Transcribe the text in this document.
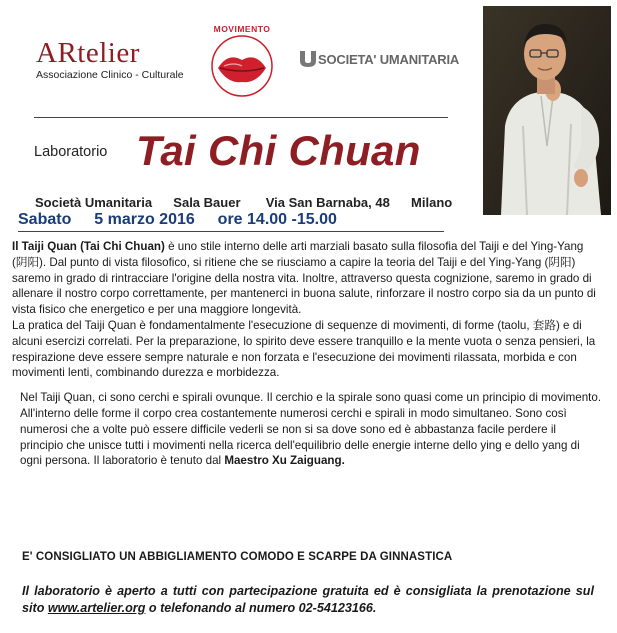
ARtelier
Associazione Clinico - Culturale
MOVIMENTO
SOCIETA' UMANITARIA
Laboratorio Tai Chi Chuan
Società Umanitaria Sala Bauer Via San Barnaba, 48 Milano
Sabato 5 marzo 2016 ore 14.00 -15.00

Il Taiji Quan (Tai Chi Chuan) è uno stile interno delle arti marziali basato sulla filosofia del Taiji e del Ying-Yang (阴阳). Dal punto di vista filosofico, si ritiene che se riusciamo a capire la teoria del Taiji e del Ying-Yang (阴阳) saremo in grado di rintracciare l'origine della nostra vita. Inoltre, attraverso questa cognizione, saremo in grado di allenare il nostro corpo correttamente, per mantenerci in buona salute, rinforzare il nostro corpo sia da un punto di vista fisico che energetico e per una maggiore longevità.

La pratica del Taiji Quan è fondamentalmente l'esecuzione di sequenze di movimenti, di forme (taolu, 套路) e di alcuni esercizi correlati. Per la preparazione, lo spirito deve essere tranquillo e la mente vuota o senza pensieri, la respirazione deve essere sempre naturale e non forzata e l'esecuzione dei movimenti rilassata, morbida e con movimenti lenti, combinando durezza e morbidezza.

Nel Taiji Quan, ci sono cerchi e spirali ovunque. Il cerchio e la spirale sono quasi come un principio di movimento. All'interno delle forme il corpo crea costantemente numerosi cerchi e spirali in modo simultaneo. Sono così numerosi che a volte può essere difficile vederli se non si sa dove sono ed è abbastanza facile perdere il principio che unisce tutti i movimenti nella ricerca dell'equilibrio delle energie interne dello ying e dello yang di ogni persona. Il laboratorio è tenuto dal Maestro Xu Zaiguang.

E' CONSIGLIATO UN ABBIGLIAMENTO COMODO E SCARPE DA GINNASTICA
Il laboratorio è aperto a tutti con partecipazione gratuita ed è consigliata la prenotazione sul sito www.artelier.org o telefonando al numero 02-54123166.
